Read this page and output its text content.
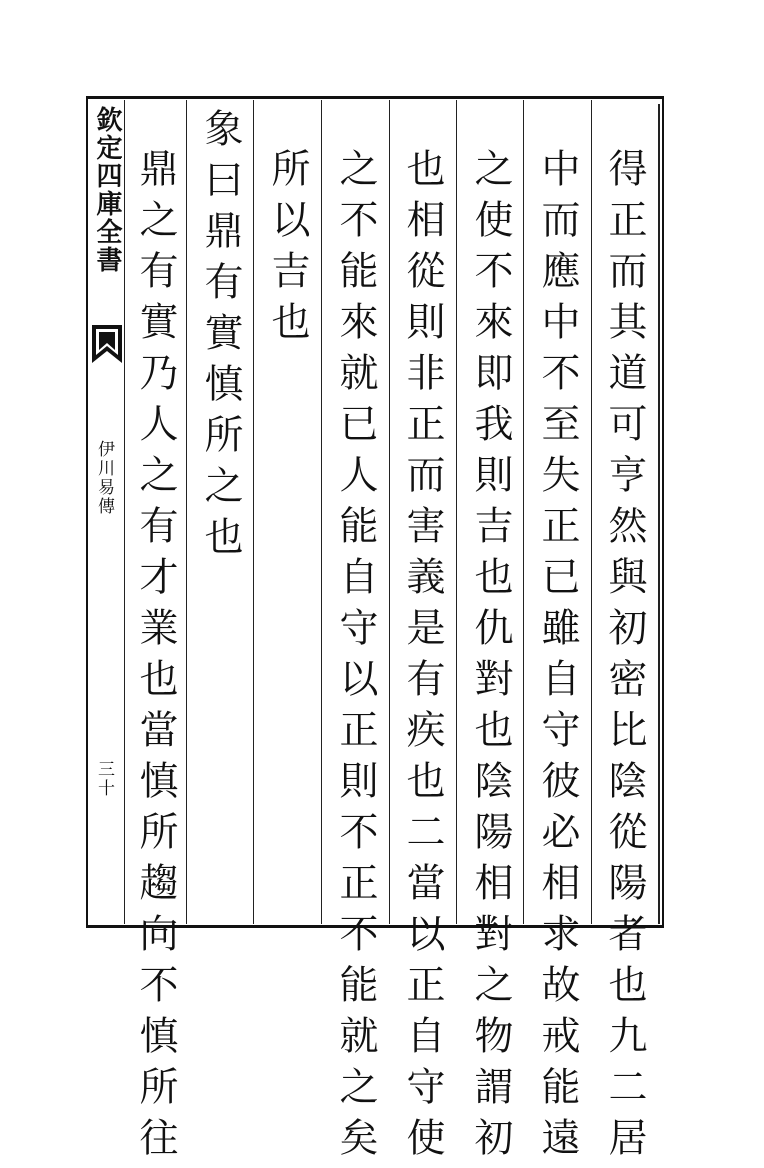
欽定四庫全書
伊川易傳
三十	得正而其道可亨然與初密比陰從陽者也九二居
中而應中不至失正已雖自守彼必相求故戒能遠
之使不來即我則吉也仇對也陰陽相對之物謂初
也相從則非正而害義是有疾也二當以正自守使
之不能來就已人能自守以正則不正不能就之矣
所以吉也
象曰鼎有實慎所之也
鼎之有實乃人之有才業也當慎所趨向不慎所往
